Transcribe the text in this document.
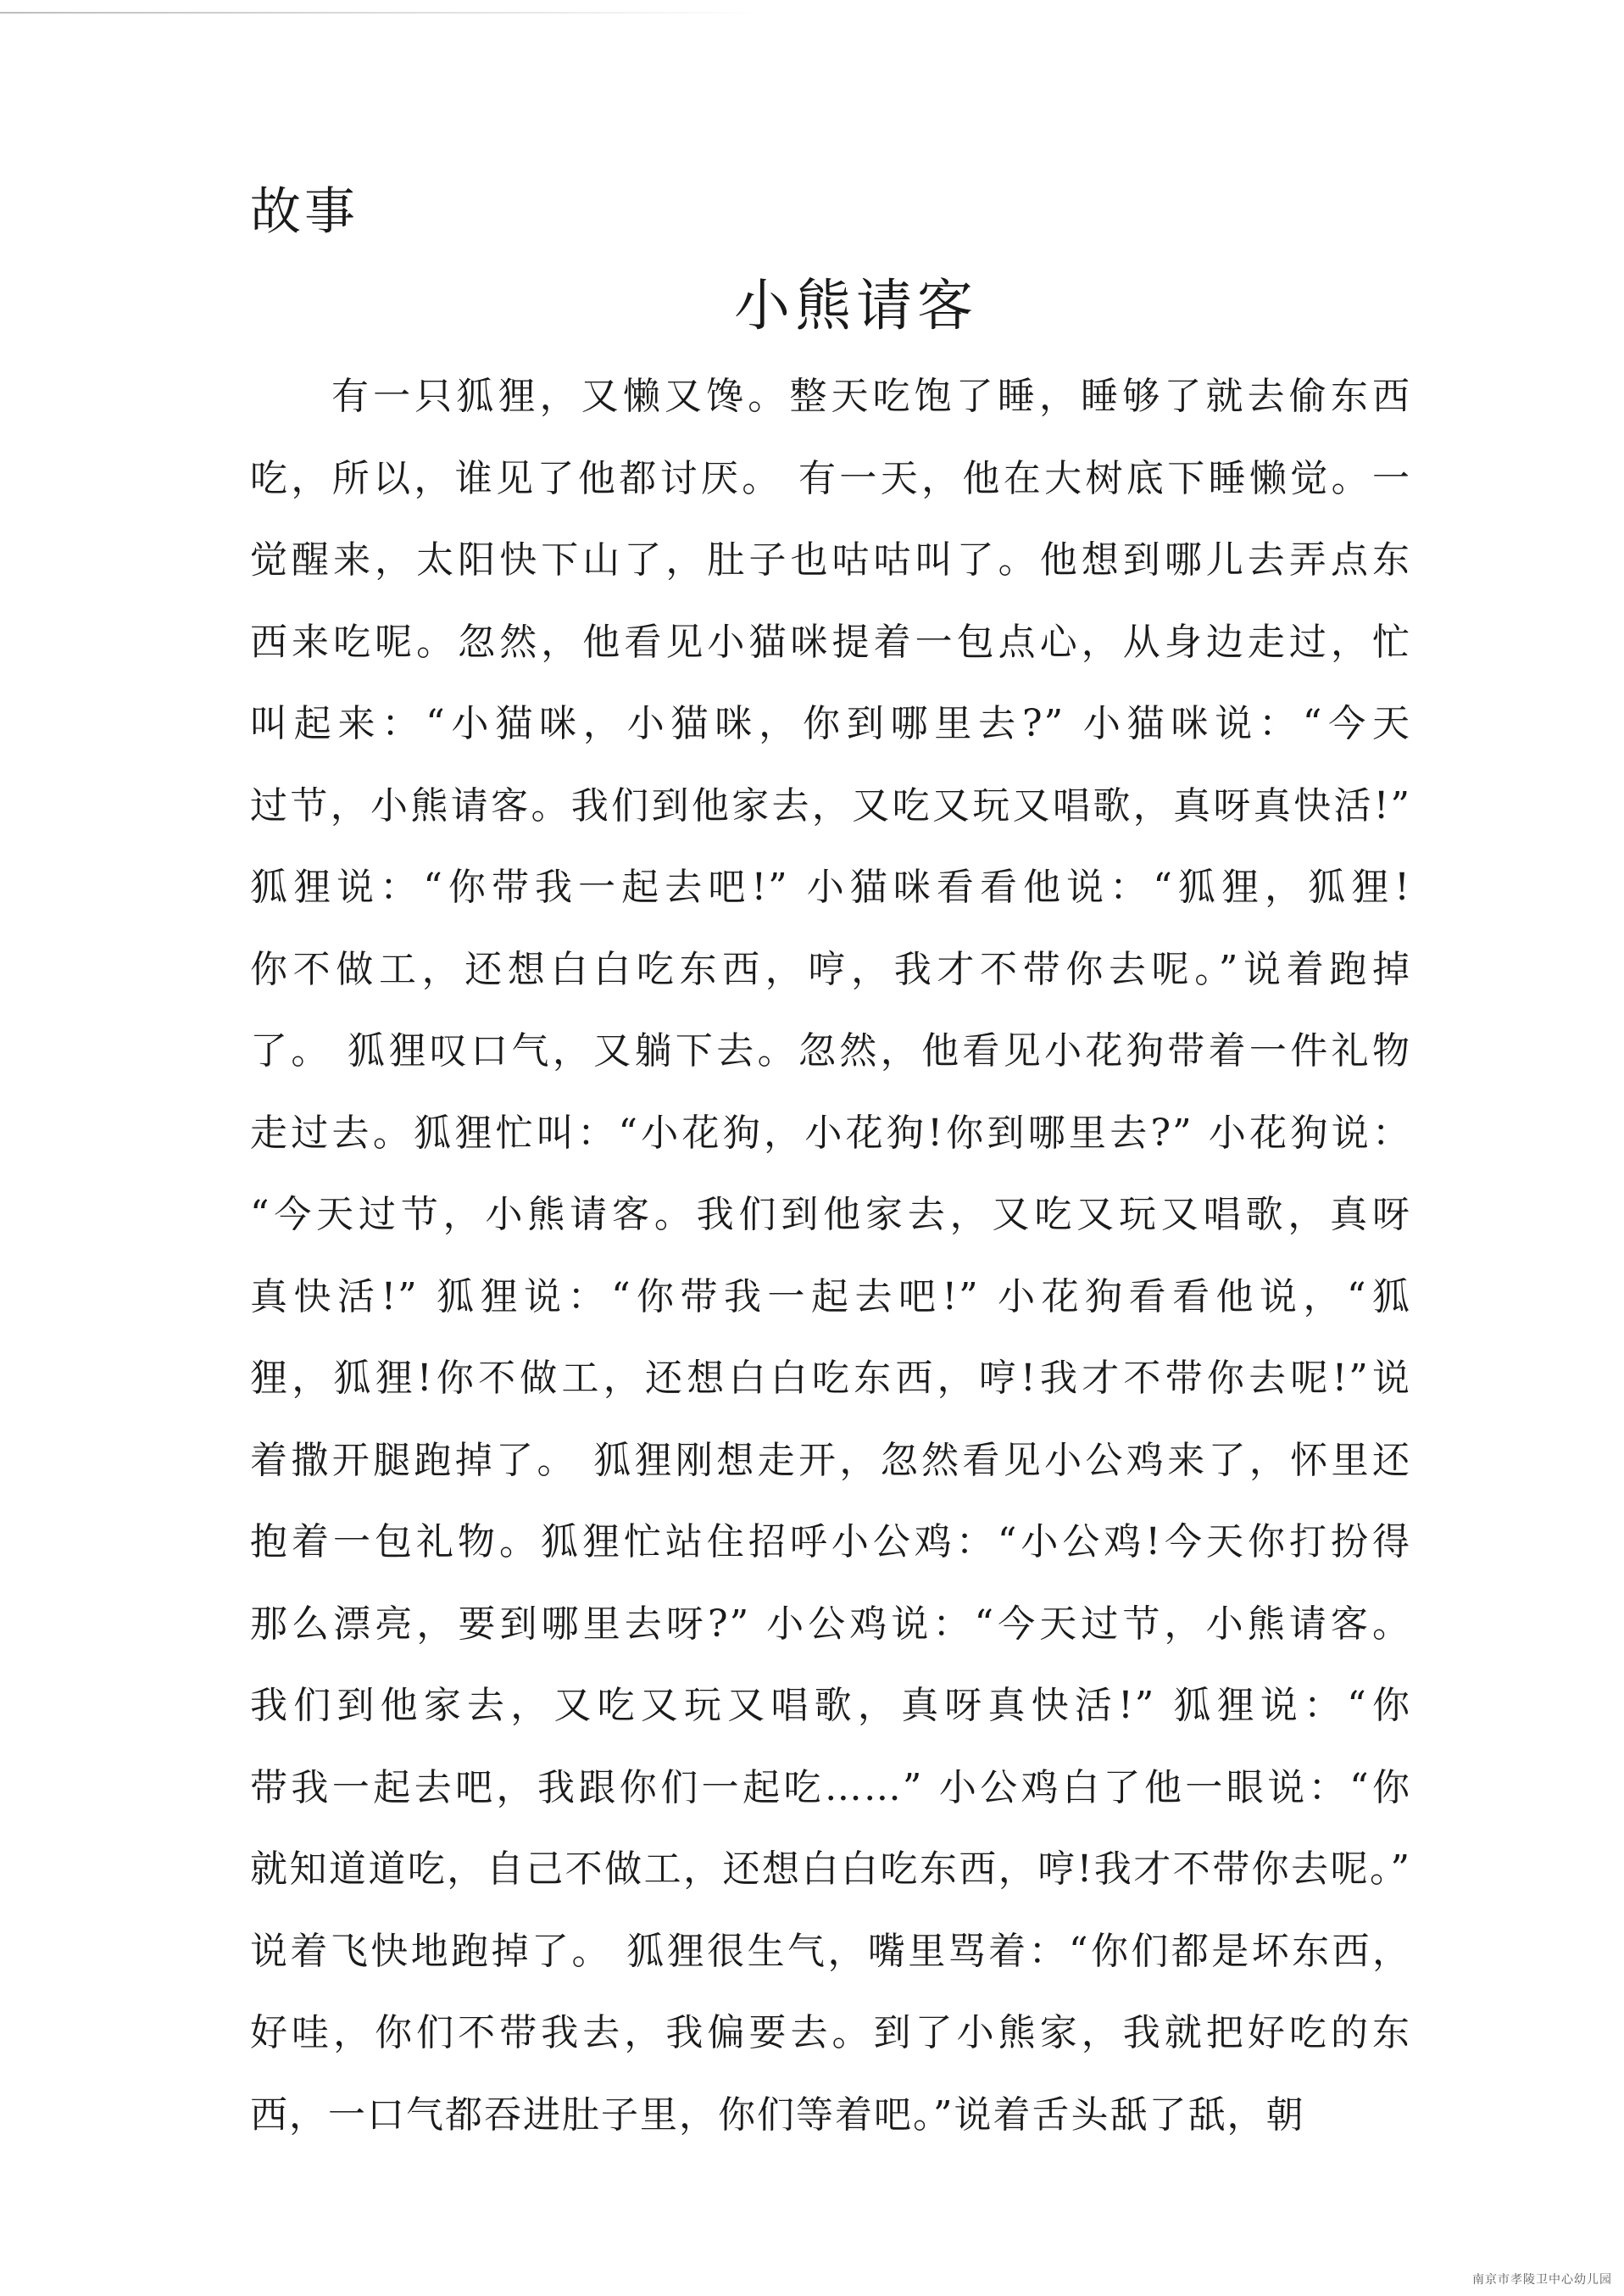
故事
小熊请客
有一只狐狸，又懒又馋。整天吃饱了睡，睡够了就去偷东西
吃，所以，谁见了他都讨厌。 有一天，他在大树底下睡懒觉。一
觉醒来，太阳快下山了，肚子也咕咕叫了。他想到哪儿去弄点东
西来吃呢。忽然，他看见小猫咪提着一包点心，从身边走过，忙
叫起来：“小猫咪，小猫咪，你到哪里去?” 小猫咪说：“今天
过节，小熊请客。我们到他家去，又吃又玩又唱歌，真呀真快活!”
狐狸说：“你带我一起去吧!” 小猫咪看看他说：“狐狸，狐狸!
你不做工，还想白白吃东西，哼，我才不带你去呢。”说着跑掉
了。 狐狸叹口气，又躺下去。忽然，他看见小花狗带着一件礼物
走过去。狐狸忙叫：“小花狗，小花狗!你到哪里去?” 小花狗说：
“今天过节，小熊请客。我们到他家去，又吃又玩又唱歌，真呀
真快活!” 狐狸说：“你带我一起去吧!” 小花狗看看他说，“狐
狸，狐狸!你不做工，还想白白吃东西，哼!我才不带你去呢!”说
着撒开腿跑掉了。 狐狸刚想走开，忽然看见小公鸡来了，怀里还
抱着一包礼物。狐狸忙站住招呼小公鸡：“小公鸡!今天你打扮得
那么漂亮，要到哪里去呀?” 小公鸡说：“今天过节，小熊请客。
我们到他家去，又吃又玩又唱歌，真呀真快活!” 狐狸说：“你
带我一起去吧，我跟你们一起吃……” 小公鸡白了他一眼说：“你
就知道道吃，自己不做工，还想白白吃东西，哼!我才不带你去呢。”
说着飞快地跑掉了。 狐狸很生气，嘴里骂着：“你们都是坏东西，
好哇，你们不带我去，我偏要去。到了小熊家，我就把好吃的东
西，一口气都吞进肚子里，你们等着吧。”说着舌头舐了舐，朝
南京市孝陵卫中心幼儿园
